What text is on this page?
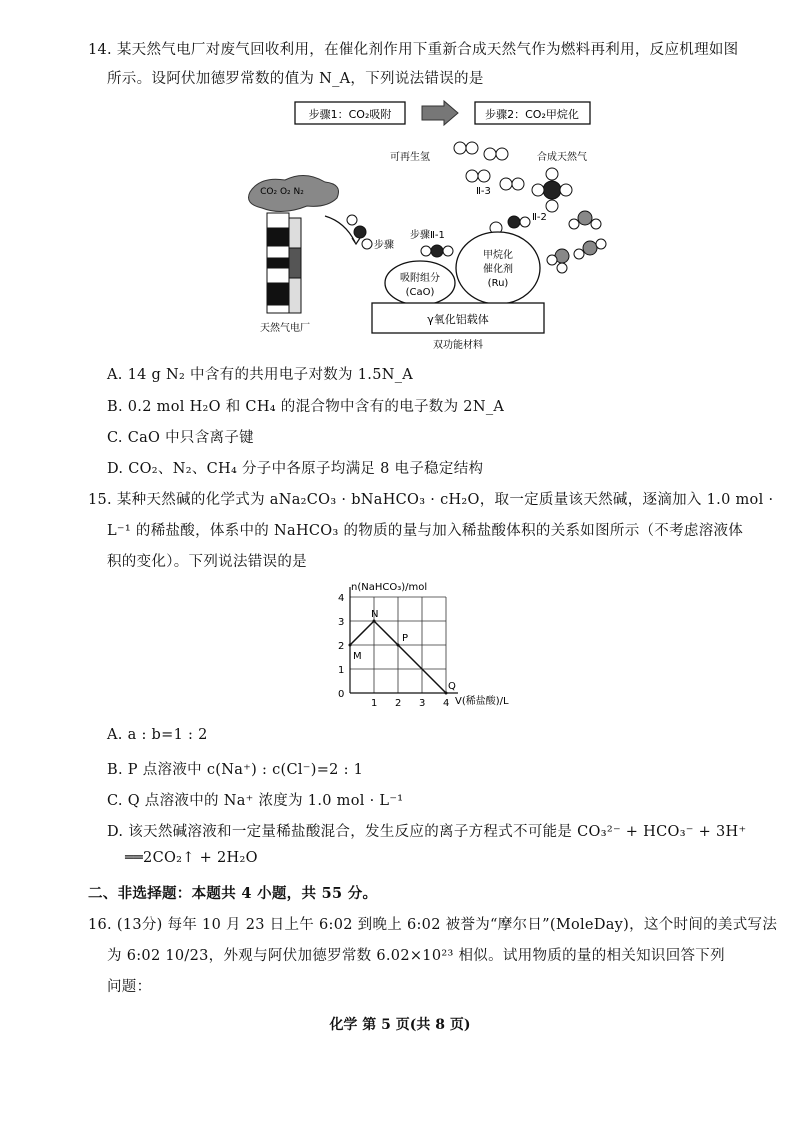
14. 某天然气电厂对废气回收利用，在催化剂作用下重新合成天然气作为燃料再利用，反应机理如图
所示。设阿伏加德罗常数的值为 N_A，下列说法错误的是
步骤1：CO₂吸附	步骤2：CO₂甲烷化
可再生氢	合成天然气
CO₂ O₂ N₂
天然气电厂
步骤
步骤Ⅱ-1
Ⅱ-3
Ⅱ-2
吸附组分
(CaO)
甲烷化
催化剂
(Ru)
γ氧化铝载体
双功能材料
A. 14 g N₂ 中含有的共用电子对数为 1.5N_A
B. 0.2 mol H₂O 和 CH₄ 的混合物中含有的电子数为 2N_A
C. CaO 中只含离子键
D. CO₂、N₂、CH₄ 分子中各原子均满足 8 电子稳定结构
15. 某种天然碱的化学式为 aNa₂CO₃ · bNaHCO₃ · cH₂O，取一定质量该天然碱，逐滴加入 1.0 mol ·
L⁻¹ 的稀盐酸，体系中的 NaHCO₃ 的物质的量与加入稀盐酸体积的关系如图所示（不考虑溶液体
积的变化）。下列说法错误的是
n(NaHCO₃)/mol
V(稀盐酸)/L
0
1
2
3
4
1 2 3 4
M
N
P
Q
A. a : b=1 : 2
B. P 点溶液中 c(Na⁺) : c(Cl⁻)=2 : 1
C. Q 点溶液中的 Na⁺ 浓度为 1.0 mol · L⁻¹
D. 该天然碱溶液和一定量稀盐酸混合，发生反应的离子方程式不可能是 CO₃²⁻ + HCO₃⁻ + 3H⁺
══2CO₂↑ + 2H₂O
二、非选择题：本题共 4 小题，共 55 分。
16. (13分) 每年 10 月 23 日上午 6:02 到晚上 6:02 被誉为“摩尔日”(MoleDay)，这个时间的美式写法
为 6:02 10/23，外观与阿伏加德罗常数 6.02×10²³ 相似。试用物质的量的相关知识回答下列
问题：
化学 第 5 页(共 8 页)
